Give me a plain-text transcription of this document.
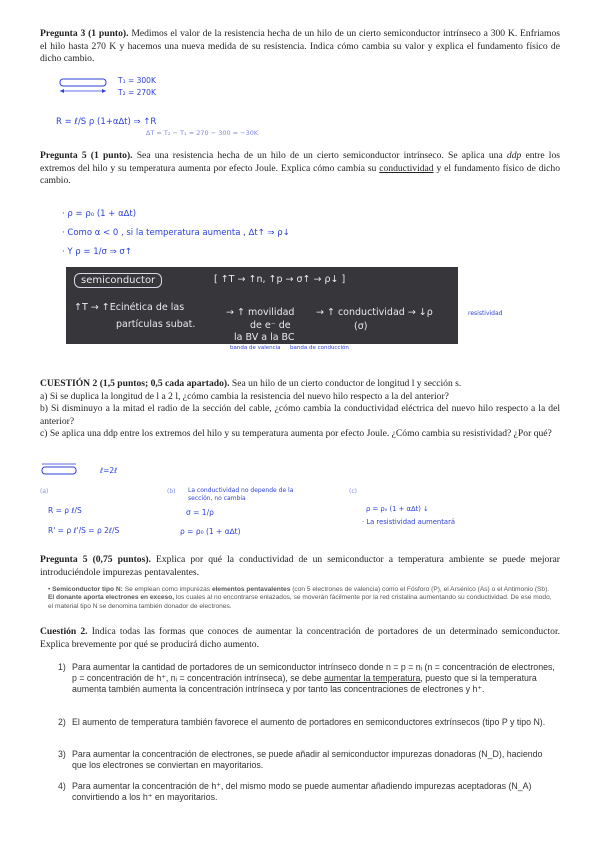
Pregunta 3 (1 punto). Medimos el valor de la resistencia hecha de un hilo de un cierto semiconductor intrínseco a 300 K. Enfriamos el hilo hasta 270 K y hacemos una nueva medida de su resistencia. Indica cómo cambia su valor y explica el fundamento físico de dicho cambio.
T₁ = 300K
T₂ = 270K
R = ℓ/S ρ (1+α∆t) ⇒ ↑R
∆T = T₂ − T₁ = 270 − 300 = −30K
Pregunta 5 (1 punto). Sea una resistencia hecha de un hilo de un cierto semiconductor intrínseco. Se aplica una ddp entre los extremos del hilo y su temperatura aumenta por efecto Joule. Explica cómo cambia su conductividad y el fundamento físico de dicho cambio.
· ρ = ρ₀ (1 + α∆t)
· Como α < 0 , si la temperatura aumenta , ∆t↑ ⇒ ρ↓
· Y ρ = 1/σ ⇒ σ↑
semiconductor	[ ↑T → ↑n, ↑p → σ↑ → ρ↓ ]
↑T → ↑Ecinética de las
partículas subat.
→ ↑ movilidad
de e⁻ de
la BV a la BC
→ ↑ conductividad → ↓ρ
(σ)
banda de valencia banda de conducción
resistividad
CUESTIÓN 2 (1,5 puntos; 0,5 cada apartado). Sea un hilo de un cierto conductor de longitud l y sección s.
a) Si se duplica la longitud de l a 2 l, ¿cómo cambia la resistencia del nuevo hilo respecto a la del anterior?
b) Si disminuyo a la mitad el radio de la sección del cable, ¿cómo cambia la conductividad eléctrica del nuevo hilo respecto a la del anterior?
c) Se aplica una ddp entre los extremos del hilo y su temperatura aumenta por efecto Joule. ¿Cómo cambia su resistividad? ¿Por qué?
ℓ=2ℓ
(a)	(b)	(c)
R = ρ ℓ/S
R' = ρ ℓ'/S = ρ 2ℓ/S
La conductividad no depende de la sección, no cambia
σ = 1/ρ
ρ = ρ₀ (1 + α∆t)
ρ = ρ₀ (1 + α∆t) ↓
· La resistividad aumentará
Pregunta 5 (0,75 puntos). Explica por qué la conductividad de un semiconductor a temperatura ambiente se puede mejorar introduciéndole impurezas pentavalentes.
• Semiconductor tipo N: Se emplean como impurezas elementos pentavalentes (con 5 electrones de valencia) como el Fósforo (P), el Arsénico (As) o el Antimonio (Sb). El donante aporta electrones en exceso, los cuales al no encontrarse enlazados, se moverán fácilmente por la red cristalina aumentando su conductividad. De ese modo, el material tipo N se denomina también donador de electrones.
Cuestión 2. Indica todas las formas que conoces de aumentar la concentración de portadores de un determinado semiconductor. Explica brevemente por qué se producirá dicho aumento.
1) Para aumentar la cantidad de portadores de un semiconductor intrínseco donde n = p = nᵢ (n = concentración de electrones, p = concentración de h⁺, nᵢ = concentración intrínseca), se debe aumentar la temperatura, puesto que si la temperatura aumenta también aumenta la concentración intrínseca y por tanto las concentraciones de electrones y h⁺.
2) El aumento de temperatura también favorece el aumento de portadores en semiconductores extrínsecos (tipo P y tipo N).
3) Para aumentar la concentración de electrones, se puede añadir al semiconductor impurezas donadoras (N_D), haciendo que los electrones se conviertan en mayoritarios.
4) Para aumentar la concentración de h⁺, del mismo modo se puede aumentar añadiendo impurezas aceptadoras (N_A) convirtiendo a los h⁺ en mayoritarios.
